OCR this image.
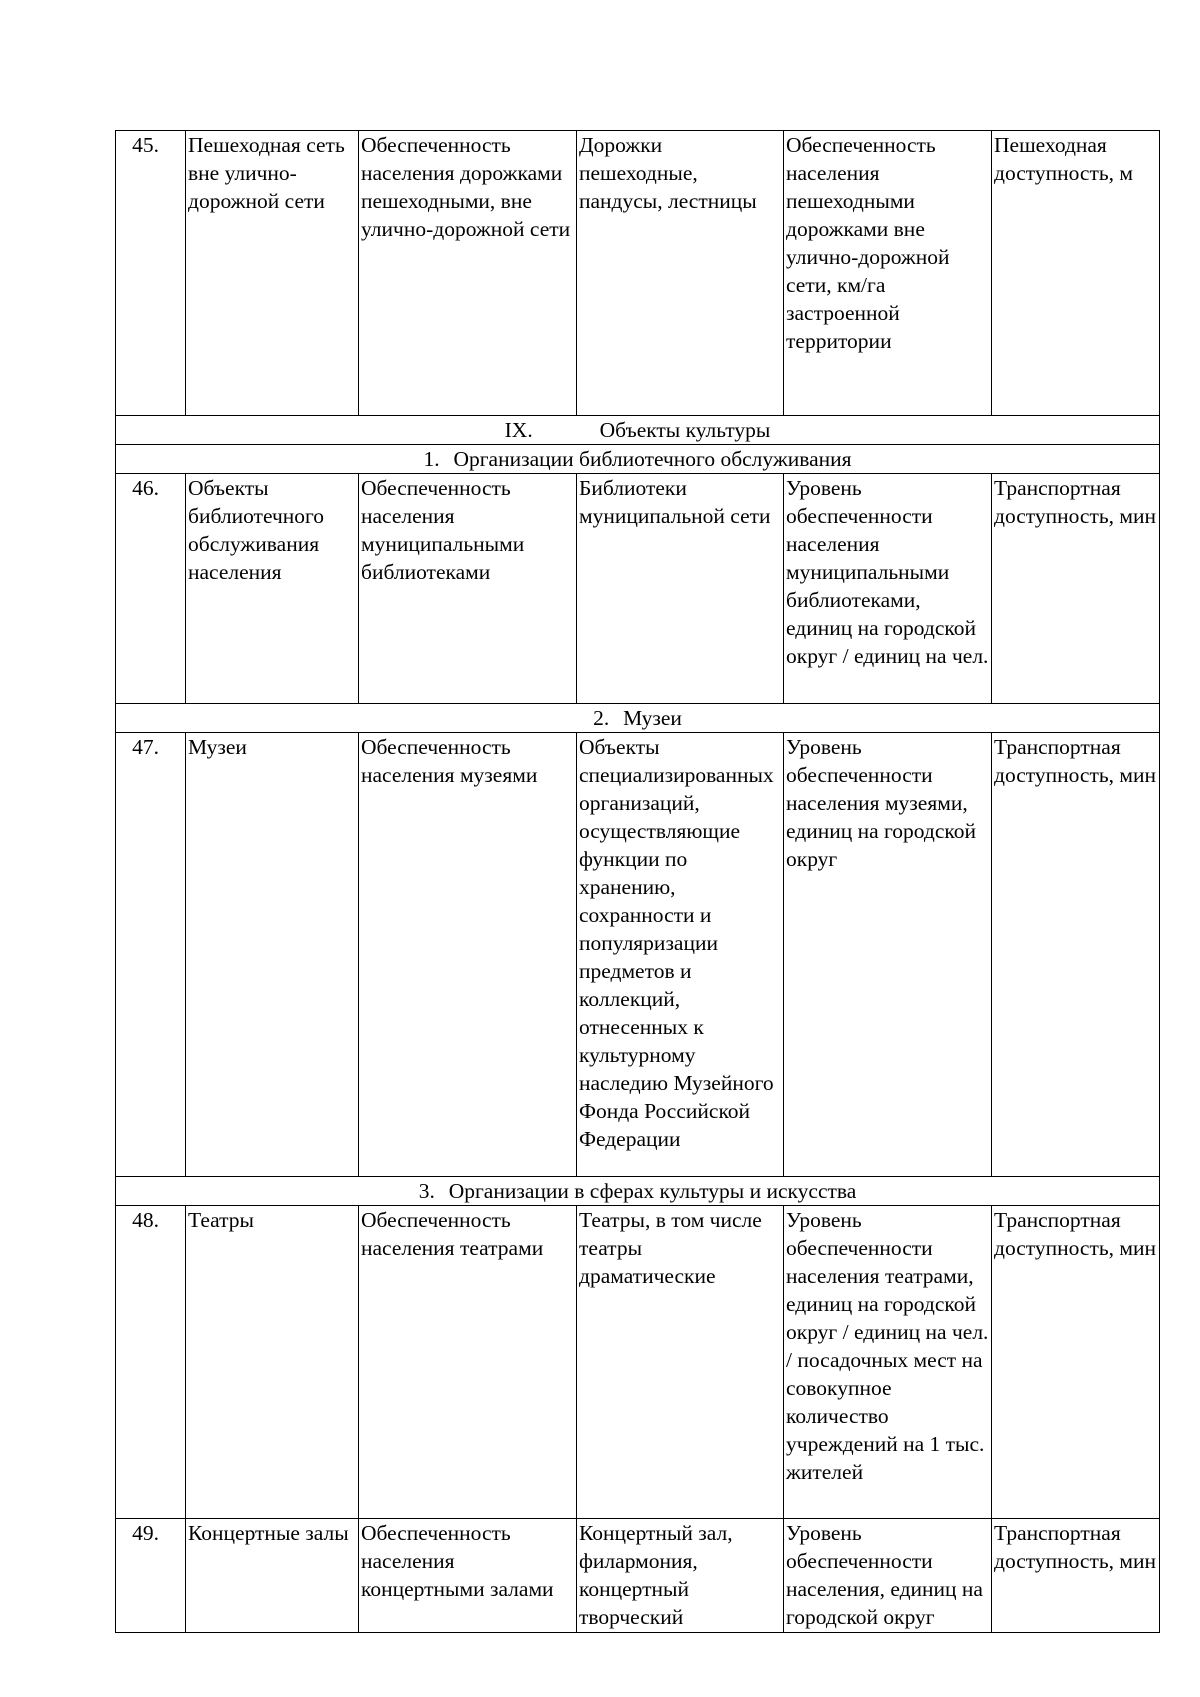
45.	Пешеходная сеть вне улично-дорожной сети	Обеспеченность населения дорожками пешеходными, вне улично-дорожной сети	Дорожки пешеходные, пандусы, лестницы	Обеспеченность населения пешеходными дорожками вне улично-дорожной сети, км/га застроенной территории	Пешеходная доступность, м
IX. Объекты культуры					
1. Организации библиотечного обслуживания					
46.	Объекты библиотечного обслуживания населения	Обеспеченность населения муниципальными библиотеками	Библиотеки муниципальной сети	Уровень обеспеченности населения муниципальными библиотеками, единиц на городской округ / единиц на чел.	Транспортная доступность, мин
2. Музеи					
47.	Музеи	Обеспеченность населения музеями	Объекты специализированных организаций, осуществляющие функции по хранению, сохранности и популяризации предметов и коллекций, отнесенных к культурному наследию Музейного Фонда Российской Федерации	Уровень обеспеченности населения музеями, единиц на городской округ	Транспортная доступность, мин
3. Организации в сферах культуры и искусства					
48.	Театры	Обеспеченность населения театрами	Театры, в том числе театры драматические	Уровень обеспеченности населения театрами, единиц на городской округ / единиц на чел. / посадочных мест на совокупное количество учреждений на 1 тыс. жителей	Транспортная доступность, мин
49.	Концертные залы	Обеспеченность населения концертными залами	Концертный зал, филармония, концертный творческий	Уровень обеспеченности населения, единиц на городской округ	Транспортная доступность, мин
